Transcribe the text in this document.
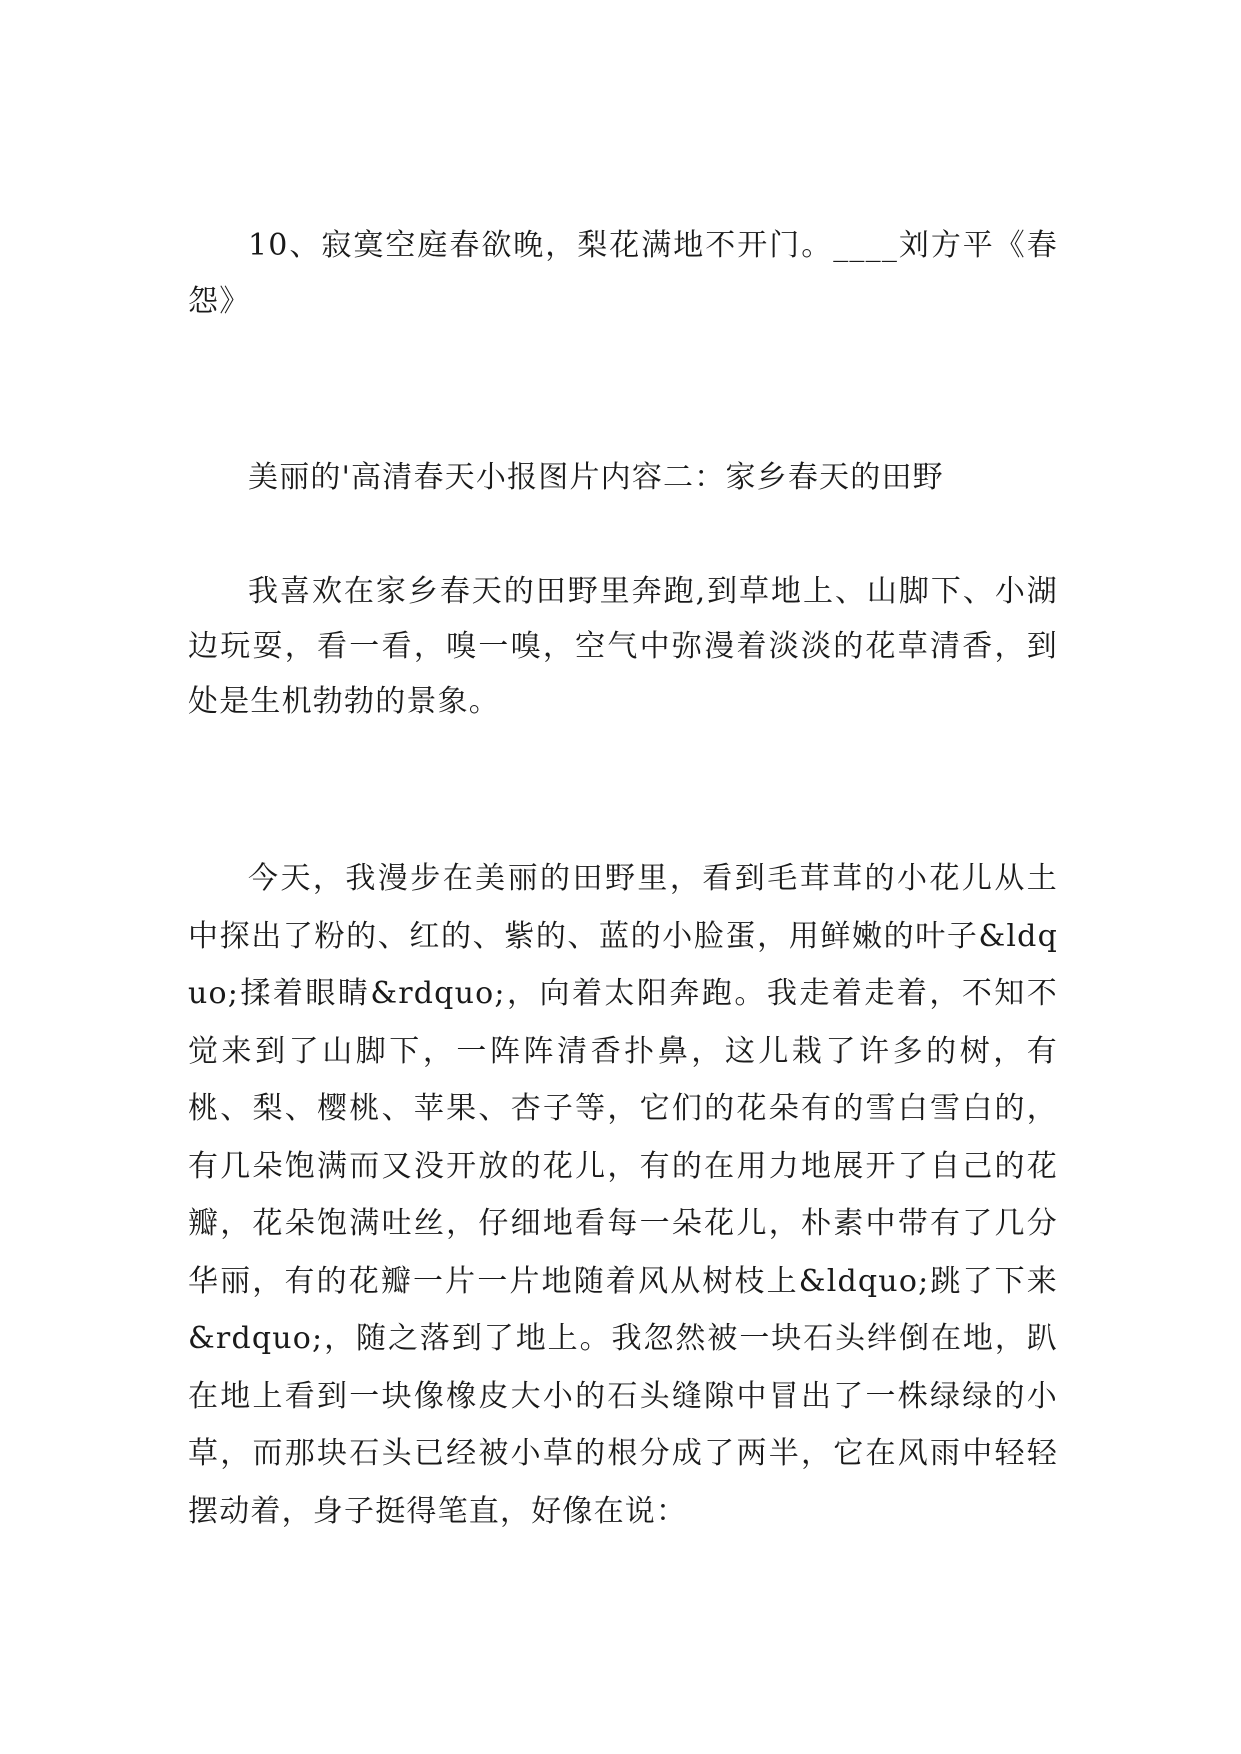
10、寂寞空庭春欲晚，梨花满地不开门。____刘方平《春怨》

美丽的'高清春天小报图片内容二：家乡春天的田野

我喜欢在家乡春天的田野里奔跑,到草地上、山脚下、小湖边玩耍，看一看，嗅一嗅，空气中弥漫着淡淡的花草清香，到处是生机勃勃的景象。

今天，我漫步在美丽的田野里，看到毛茸茸的小花儿从土中探出了粉的、红的、紫的、蓝的小脸蛋，用鲜嫩的叶子&ldquo;揉着眼睛&rdquo;，向着太阳奔跑。我走着走着，不知不觉来到了山脚下，一阵阵清香扑鼻，这儿栽了许多的树，有桃、梨、樱桃、苹果、杏子等，它们的花朵有的雪白雪白的，有几朵饱满而又没开放的花儿，有的在用力地展开了自己的花瓣，花朵饱满吐丝，仔细地看每一朵花儿，朴素中带有了几分华丽，有的花瓣一片一片地随着风从树枝上&ldquo;跳了下来&rdquo;，随之落到了地上。我忽然被一块石头绊倒在地，趴在地上看到一块像橡皮大小的石头缝隙中冒出了一株绿绿的小草，而那块石头已经被小草的根分成了两半，它在风雨中轻轻摆动着，身子挺得笔直，好像在说：
